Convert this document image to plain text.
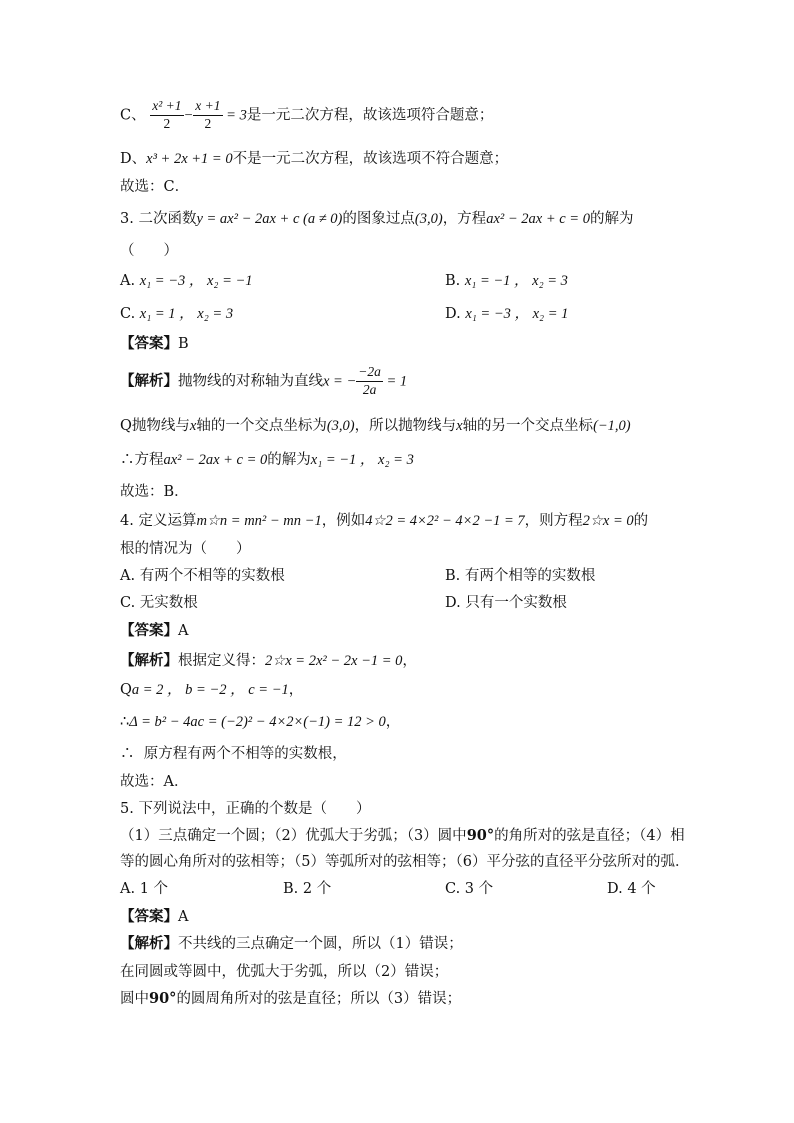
C、 $\frac{\text{x² +1}}{2} - \frac{x +1}{2} = 3$是一元二次方程，故该选项符合题意；
D、x³ + 2x +1 = 0不是一元二次方程，故该选项不符合题意；
故选：C．
3. 二次函数y = ax² − 2ax + c (a ≠ 0)的图象过点(3,0)，方程ax² − 2ax + c = 0的解为
（　　）
A. x₁ = −3 ， x₂ = −1	B. x₁ = −1 ， x₂ = 3
C. x₁ = 1 ， x₂ = 3	D. x₁ = −3 ， x₂ = 1
【答案】B
【解析】抛物线的对称轴为直线x = − $\frac{-2a}{2a} = 1$
Q抛物线与x轴的一个交点坐标为(3,0)，所以抛物线与x轴的另一个交点坐标(−1,0)
∴方程ax² − 2ax + c = 0的解为x₁ = −1 ， x₂ = 3
故选：B．
4. 定义运算m☆n = mn² − mn −1，例如4☆2 = 4×2² − 4×2 −1 = 7，则方程2☆x = 0的
根的情况为（　　）
A. 有两个不相等的实数根	B. 有两个相等的实数根
C. 无实数根	D. 只有一个实数根
【答案】A
【解析】根据定义得：2☆x = 2x² − 2x −1 = 0，
Qa = 2 ， b = −2 ， c = −1，
∴Δ = b² − 4ac = (−2)² − 4×2×(−1) = 12 > 0，
∴ 原方程有两个不相等的实数根，
故选：A．
5. 下列说法中，正确的个数是（　　）
（1）三点确定一个圆；（2）优弧大于劣弧；（3）圆中90°的角所对的弦是直径；（4）相
等的圆心角所对的弦相等；（5）等弧所对的弦相等；（6）平分弦的直径平分弦所对的弧．
A. 1 个	B. 2 个	C. 3 个	D. 4 个
【答案】A
【解析】不共线的三点确定一个圆，所以（1）错误；
在同圆或等圆中，优弧大于劣弧，所以（2）错误；
圆中90°的圆周角所对的弦是直径；所以（3）错误；
